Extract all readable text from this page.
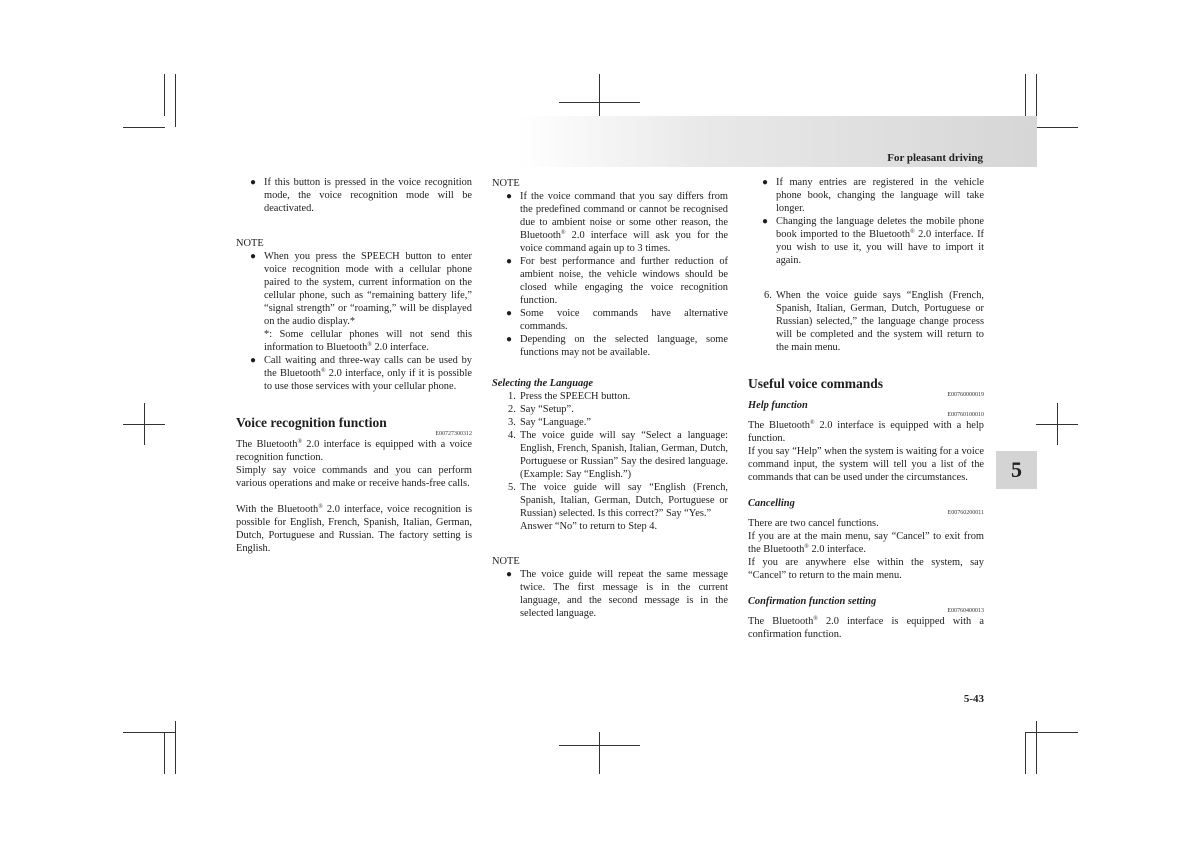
For pleasant driving
5
● If this button is pressed in the voice recognition mode, the voice recognition mode will be deactivated.

NOTE

● When you press the SPEECH button to enter voice recognition mode with a cellular phone paired to the system, current information on the cellular phone, such as “remaining battery life,” “signal strength” or “roaming,” will be displayed on the audio display.*
*: Some cellular phones will not send this information to Bluetooth® 2.0 interface.
● Call waiting and three-way calls can be used by the Bluetooth® 2.0 interface, only if it is possible to use those services with your cellular phone.
Voice recognition function
E00727300312

The Bluetooth® 2.0 interface is equipped with a voice recognition function.

Simply say voice commands and you can perform various operations and make or receive hands-free calls.

With the Bluetooth® 2.0 interface, voice recognition is possible for English, French, Spanish, Italian, German, Dutch, Portuguese and Russian. The factory setting is English.

NOTE

● If the voice command that you say differs from the predefined command or cannot be recognised due to ambient noise or some other reason, the Bluetooth® 2.0 interface will ask you for the voice command again up to 3 times.
● For best performance and further reduction of ambient noise, the vehicle windows should be closed while engaging the voice recognition function.
● Some voice commands have alternative commands.
● Depending on the selected language, some functions may not be available.
Selecting the Language
1. Press the SPEECH button.
2. Say “Setup”.
3. Say “Language.”
4. The voice guide will say “Select a language: English, French, Spanish, Italian, German, Dutch, Portuguese or Russian” Say the desired language. (Example: Say “English.”)
5. The voice guide will say “English (French, Spanish, Italian, German, Dutch, Portuguese or Russian) selected. Is this correct?” Say “Yes.”

Answer “No” to return to Step 4.

NOTE

● The voice guide will repeat the same message twice. The first message is in the current language, and the second message is in the selected language.
● If many entries are registered in the vehicle phone book, changing the language will take longer.
● Changing the language deletes the mobile phone book imported to the Bluetooth® 2.0 interface. If you wish to use it, you will have to import it again.
6. When the voice guide says “English (French, Spanish, Italian, German, Dutch, Portuguese or Russian) selected,” the language change process will be completed and the system will return to the main menu.
Useful voice commands
E00760000019
Help function
E00760100010

The Bluetooth® 2.0 interface is equipped with a help function.

If you say “Help” when the system is waiting for a voice command input, the system will tell you a list of the commands that can be used under the circumstances.

Cancelling
E00760200011

There are two cancel functions.

If you are at the main menu, say “Cancel” to exit from the Bluetooth® 2.0 interface.

If you are anywhere else within the system, say “Cancel” to return to the main menu.

Confirmation function setting
E00760400013

The Bluetooth® 2.0 interface is equipped with a confirmation function.

5-43
